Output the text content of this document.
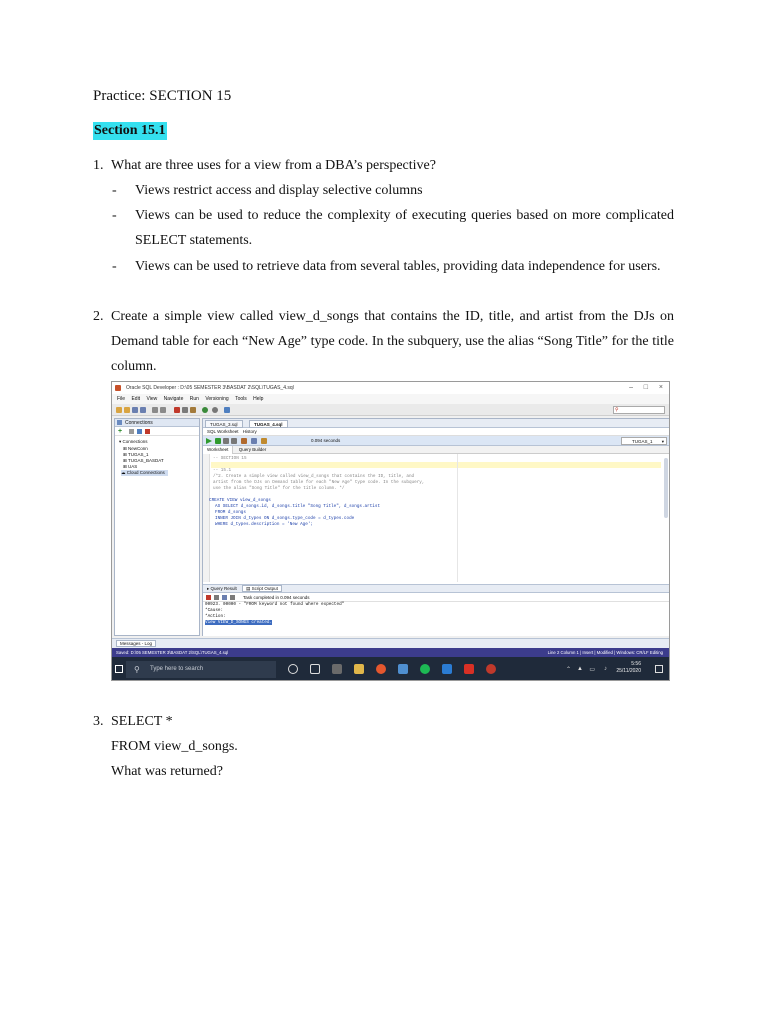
Practice: SECTION 15
Section 15.1
1. What are three uses for a view from a DBA’s perspective?
- Views restrict access and display selective columns
- Views can be used to reduce the complexity of executing queries based on more complicated SELECT statements.
- Views can be used to retrieve data from several tables, providing data independence for users.
2. Create a simple view called view_d_songs that contains the ID, title, and artist from the DJs on Demand table for each “New Age” type code. In the subquery, use the alias “Song Title” for the title column.
Oracle SQL Developer : D:\05 SEMESTER 3\BASDAT 2\SQL\TUGAS_4.sql	– □ ×
File Edit View Navigate Run Versioning Tools Help
⚲
Connections
+
▾ Connections
⊞ NewConn
⊞ TUGAS_1
⊞ TUGAS_BASDAT
⊞ UAS
☁ Cloud Connections
TUGAS_3.sql	TUGAS_4.sql
SQL Worksheet History
0.094 seconds	TUGAS_1 ▾
Worksheet Query Builder
-- SECTION 15
-- 15.1
/*2. Create a simple view called view_d_songs that contains the ID, title, and
artist from the DJs on Demand table for each "New Age" type code. In the subquery,
use the alias "Song Title" for the title column. */
CREATE VIEW view_d_songs
AS SELECT d_songs.id, d_songs.title "Song Title", d_songs.artist
FROM d_songs
INNER JOIN d_types ON d_songs.type_code = d_types.code
WHERE d_types.description = 'New Age';
▸ Query Result ▤ Script Output
Task completed in 0.094 seconds
00923. 00000 - "FROM keyword not found where expected"
*Cause:
*Action:
View VIEW_D_SONGS created.
Messages - Log
Saved: D:\05 SEMESTER 3\BASDAT 2\SQL\TUGAS_4.sql	Line 2 Column 1 | Insert | Modified | Windows: CR/LF Editing
⚲ Type here to search	⌃ ▲ ▭ ♪
5:56
25/11/2020
3. SELECT *
FROM view_d_songs.
What was returned?
